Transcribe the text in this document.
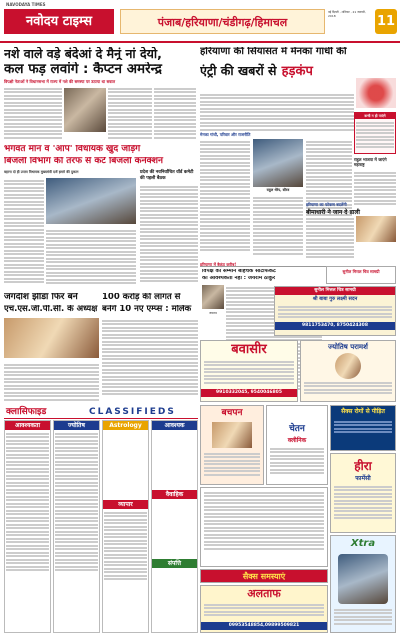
NAVODAYA TIMES
नवोदय टाइम्स	पंजाब/हरियाणा/चंडीगढ़/हिमाचल
नई दिल्ली , शनिवार , 21 जनवरी, 2018	11
नशे वाले वड़े बंदेआं दे मैनूं नां देयो,
कल फड़ लवांगे : कैप्टन अमरेन्द्र
विपक्षी नेताओं ने विधानसभा में राज्य में नशे की समस्या पर उठाया था सवाल
भगवंत मान व 'आप' विधायक खुद जोड़ेंगे
बिजली विभाग की तरफ से कटे बिजली कनेक्शन
बहाना दो ही उपाय विधायक मुख्यमंत्री दर्जे हमारे की दुकान	प्रदेश की नवनिर्वाचित वॉर्ड कमेटी की पहली बैठक
जगदीश झींडा फिर बने
एच.एस.जी.पी.सी. के अध्यक्ष
100 करोड़ की लागत से
बनेंगे 10 नए एम्प्स : मलिक
हरियाणा की सियासत में मेनका गांधी की
एंट्री की खबरों से हड़कंप
कभी न हो पाएंगे
मेनका गांधी, परिवार और राजनीति
राहुल थेरेप, सौरव
राहुल भाजपा में जाएंगे महाराष्ट्र
हरियाणा में बैकुंठ करीब!
हरियाणा का फोकस बदलेंगी
बीमाधारी ने जान दे डाली
विपक्ष का सम्मान बेहिचक सर्टिफिकेट
की आवश्यकता नहीं : जयराम ठाकुर
जयराम
सुनील मित्तल चित्र सामग्री
सुनील मित्तल चित्र सामग्री
श्री बाबा गुरु लक्ष्मी सदन
9811753470, 8750424308
बवासीर
9910332045, 9540046805
ज्योतिष परामर्श
क्लासिफाइड	CLASSIFIEDS
आवश्यकता	ज्योतिष	Astrology
व्यापार
आवश्यक
वैवाहिक
संपत्ति
बचपन
चेतन
क्लीनिक
सैक्स रोगों से पीड़ित
हीरा
फार्मेसी
सैक्स समस्याएं
अलताफ
09953548854,09899509821
Xtra
